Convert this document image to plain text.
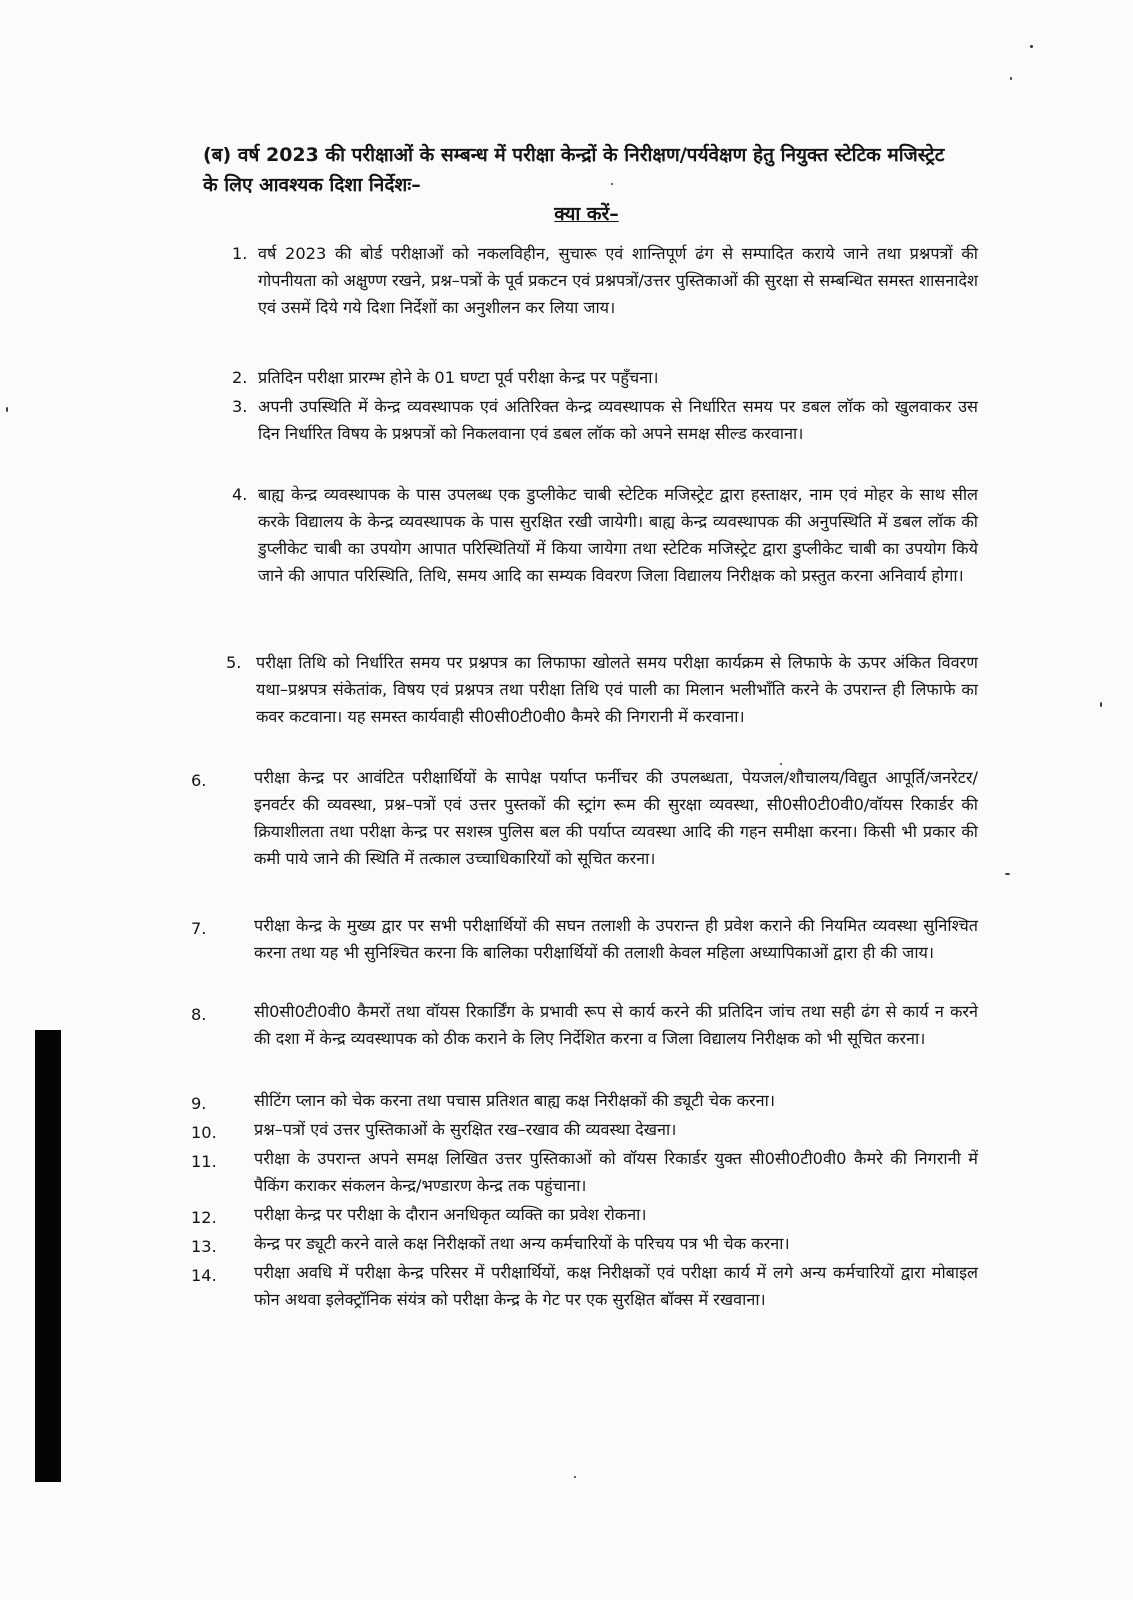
(ब) वर्ष 2023 की परीक्षाओं के सम्बन्ध में परीक्षा केन्द्रों के निरीक्षण/पर्यवेक्षण हेतु नियुक्त स्टेटिक मजिस्ट्रेट के लिए आवश्यक दिशा निर्देशः–
क्या करें–
1. वर्ष 2023 की बोर्ड परीक्षाओं को नकलविहीन, सुचारू एवं शान्तिपूर्ण ढंग से सम्पादित कराये जाने तथा प्रश्नपत्रों की गोपनीयता को अक्षुण्ण रखने, प्रश्न–पत्रों के पूर्व प्रकटन एवं प्रश्नपत्रों/उत्तर पुस्तिकाओं की सुरक्षा से सम्बन्धित समस्त शासनादेश एवं उसमें दिये गये दिशा निर्देशों का अनुशीलन कर लिया जाय।
2. प्रतिदिन परीक्षा प्रारम्भ होने के 01 घण्टा पूर्व परीक्षा केन्द्र पर पहुँचना।
3. अपनी उपस्थिति में केन्द्र व्यवस्थापक एवं अतिरिक्त केन्द्र व्यवस्थापक से निर्धारित समय पर डबल लॉक को खुलवाकर उस दिन निर्धारित विषय के प्रश्नपत्रों को निकलवाना एवं डबल लॉक को अपने समक्ष सील्ड करवाना।
4. बाह्य केन्द्र व्यवस्थापक के पास उपलब्ध एक डुप्लीकेट चाबी स्टेटिक मजिस्ट्रेट द्वारा हस्ताक्षर, नाम एवं मोहर के साथ सील करके विद्यालय के केन्द्र व्यवस्थापक के पास सुरक्षित रखी जायेगी। बाह्य केन्द्र व्यवस्थापक की अनुपस्थिति में डबल लॉक की डुप्लीकेट चाबी का उपयोग आपात परिस्थितियों में किया जायेगा तथा स्टेटिक मजिस्ट्रेट द्वारा डुप्लीकेट चाबी का उपयोग किये जाने की आपात परिस्थिति, तिथि, समय आदि का सम्यक विवरण जिला विद्यालय निरीक्षक को प्रस्तुत करना अनिवार्य होगा।
5. परीक्षा तिथि को निर्धारित समय पर प्रश्नपत्र का लिफाफा खोलते समय परीक्षा कार्यक्रम से लिफाफे के ऊपर अंकित विवरण यथा–प्रश्नपत्र संकेतांक, विषय एवं प्रश्नपत्र तथा परीक्षा तिथि एवं पाली का मिलान भलीभाँति करने के उपरान्त ही लिफाफे का कवर कटवाना। यह समस्त कार्यवाही सी0सी0टी0वी0 कैमरे की निगरानी में करवाना।
6.	परीक्षा केन्द्र पर आवंटित परीक्षार्थियों के सापेक्ष पर्याप्त फर्नीचर की उपलब्धता, पेयजल/शौचालय/विद्युत आपूर्ति/जनरेटर/इनवर्टर की व्यवस्था, प्रश्न–पत्रों एवं उत्तर पुस्तकों की स्ट्रांग रूम की सुरक्षा व्यवस्था, सी0सी0टी0वी0/वॉयस रिकार्डर की क्रियाशीलता तथा परीक्षा केन्द्र पर सशस्त्र पुलिस बल की पर्याप्त व्यवस्था आदि की गहन समीक्षा करना। किसी भी प्रकार की कमी पाये जाने की स्थिति में तत्काल उच्चाधिकारियों को सूचित करना।
7.	परीक्षा केन्द्र के मुख्य द्वार पर सभी परीक्षार्थियों की सघन तलाशी के उपरान्त ही प्रवेश कराने की नियमित व्यवस्था सुनिश्चित करना तथा यह भी सुनिश्चित करना कि बालिका परीक्षार्थियों की तलाशी केवल महिला अध्यापिकाओं द्वारा ही की जाय।
8.	सी0सी0टी0वी0 कैमरों तथा वॉयस रिकार्डिंग के प्रभावी रूप से कार्य करने की प्रतिदिन जांच तथा सही ढंग से कार्य न करने की दशा में केन्द्र व्यवस्थापक को ठीक कराने के लिए निर्देशित करना व जिला विद्यालय निरीक्षक को भी सूचित करना।
9.	सीटिंग प्लान को चेक करना तथा पचास प्रतिशत बाह्य कक्ष निरीक्षकों की ड्यूटी चेक करना।
10. प्रश्न–पत्रों एवं उत्तर पुस्तिकाओं के सुरक्षित रख–रखाव की व्यवस्था देखना।
11. परीक्षा के उपरान्त अपने समक्ष लिखित उत्तर पुस्तिकाओं को वॉयस रिकार्डर युक्त सी0सी0टी0वी0 कैमरे की निगरानी में पैकिंग कराकर संकलन केन्द्र/भण्डारण केन्द्र तक पहुंचाना।
12. परीक्षा केन्द्र पर परीक्षा के दौरान अनधिकृत व्यक्ति का प्रवेश रोकना।
13. केन्द्र पर ड्यूटी करने वाले कक्ष निरीक्षकों तथा अन्य कर्मचारियों के परिचय पत्र भी चेक करना।
14. परीक्षा अवधि में परीक्षा केन्द्र परिसर में परीक्षार्थियों, कक्ष निरीक्षकों एवं परीक्षा कार्य में लगे अन्य कर्मचारियों द्वारा मोबाइल फोन अथवा इलेक्ट्रॉनिक संयंत्र को परीक्षा केन्द्र के गेट पर एक सुरक्षित बॉक्स में रखवाना।
